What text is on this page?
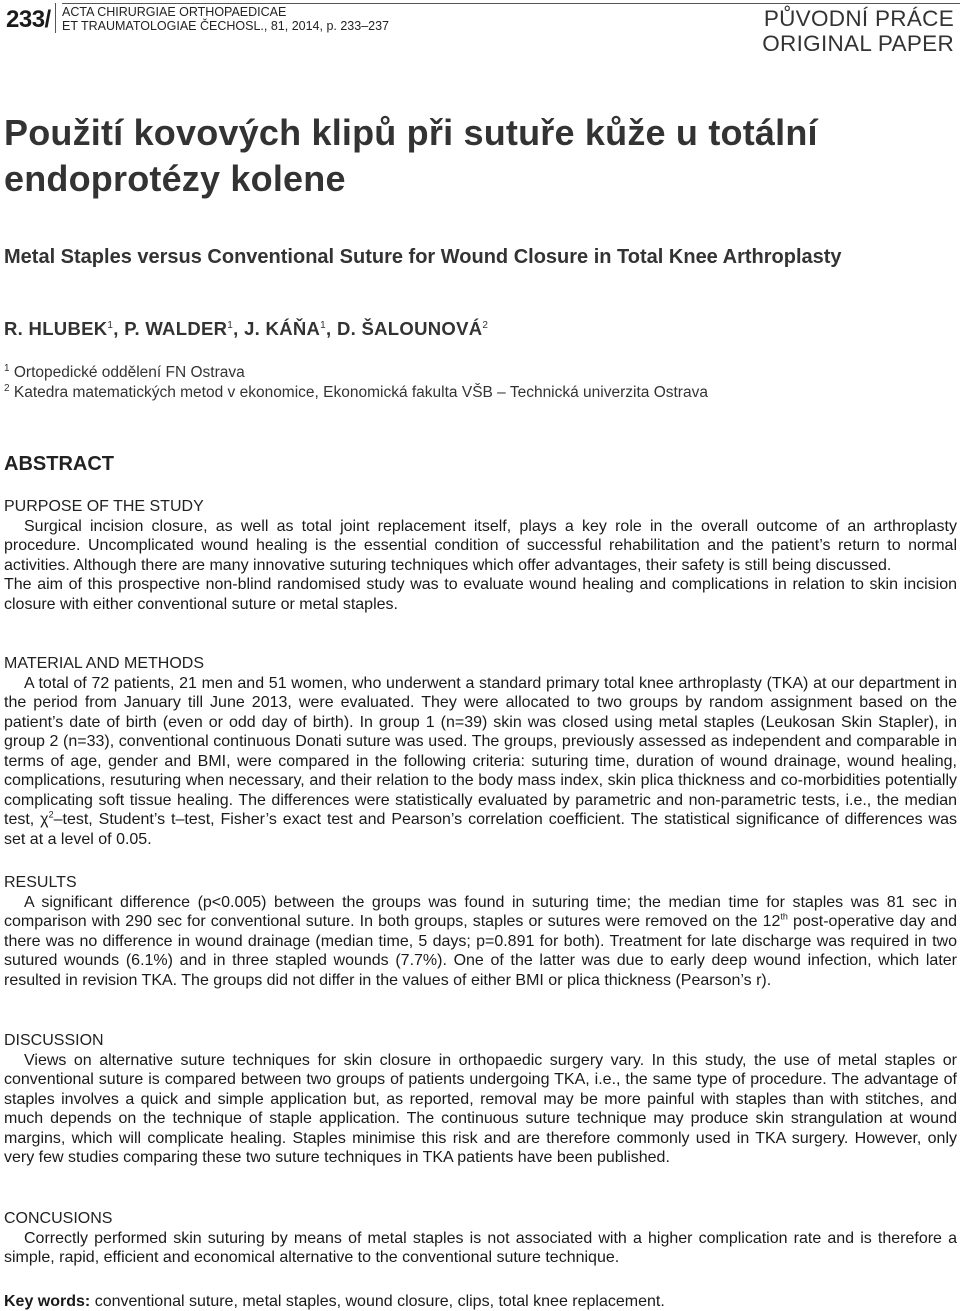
233/ ACTA CHIRURGIAE ORTHOPAEDICAE
ET TRAUMATOLOGIAE ČECHOSL., 81, 2014, p. 233–237	PŮVODNÍ PRÁCE
ORIGINAL PAPER
Použití kovových klipů při sutuře kůže u totální endoprotézy kolene
Metal Staples versus Conventional Suture for Wound Closure in Total Knee Arthroplasty
R. HLUBEK$^1$, P. WALDER$^1$, J. KÁŇA$^1$, D. ŠALOUNOVÁ$^2$
$^1$ Ortopedické oddělení FN Ostrava
$^2$ Katedra matematických metod v ekonomice, Ekonomická fakulta VŠB – Technická univerzita Ostrava
ABSTRACT
PURPOSE OF THE STUDY

Surgical incision closure, as well as total joint replacement itself, plays a key role in the overall outcome of an arthroplasty procedure. Uncomplicated wound healing is the essential condition of successful rehabilitation and the patient’s return to normal activities. Although there are many innovative suturing techniques which offer advantages, their safety is still being discussed.

The aim of this prospective non-blind randomised study was to evaluate wound healing and complications in relation to skin incision closure with either conventional suture or metal staples.

MATERIAL AND METHODS

A total of 72 patients, 21 men and 51 women, who underwent a standard primary total knee arthroplasty (TKA) at our department in the period from January till June 2013, were evaluated. They were allocated to two groups by random assignment based on the patient’s date of birth (even or odd day of birth). In group 1 (n=39) skin was closed using metal staples (Leukosan Skin Stapler), in group 2 (n=33), conventional continuous Donati suture was used. The groups, previously assessed as independent and comparable in terms of age, gender and BMI, were compared in the following criteria: suturing time, duration of wound drainage, wound healing, complications, resuturing when necessary, and their relation to the body mass index, skin plica thickness and co-morbidities potentially complicating soft tissue healing. The differences were statistically evaluated by parametric and non-parametric tests, i.e., the median test, $\chi^2$–test, Student’s t–test, Fisher’s exact test and Pearson’s correlation coefficient. The statistical significance of differences was set at a level of 0.05.

RESULTS

A significant difference (p<0.005) between the groups was found in suturing time; the median time for staples was 81 sec in comparison with 290 sec for conventional suture. In both groups, staples or sutures were removed on the 12th post-operative day and there was no difference in wound drainage (median time, 5 days; p=0.891 for both). Treatment for late discharge was required in two sutured wounds (6.1%) and in three stapled wounds (7.7%). One of the latter was due to early deep wound infection, which later resulted in revision TKA. The groups did not differ in the values of either BMI or plica thickness (Pearson’s r).

DISCUSSION

Views on alternative suture techniques for skin closure in orthopaedic surgery vary. In this study, the use of metal staples or conventional suture is compared between two groups of patients undergoing TKA, i.e., the same type of procedure. The advantage of staples involves a quick and simple application but, as reported, removal may be more painful with staples than with stitches, and much depends on the technique of staple application. The continuous suture technique may produce skin strangulation at wound margins, which will complicate healing. Staples minimise this risk and are therefore commonly used in TKA surgery. However, only very few studies comparing these two suture techniques in TKA patients have been published.

CONCUSIONS

Correctly performed skin suturing by means of metal staples is not associated with a higher complication rate and is therefore a simple, rapid, efficient and economical alternative to the conventional suture technique.

Key words: conventional suture, metal staples, wound closure, clips, total knee replacement.
